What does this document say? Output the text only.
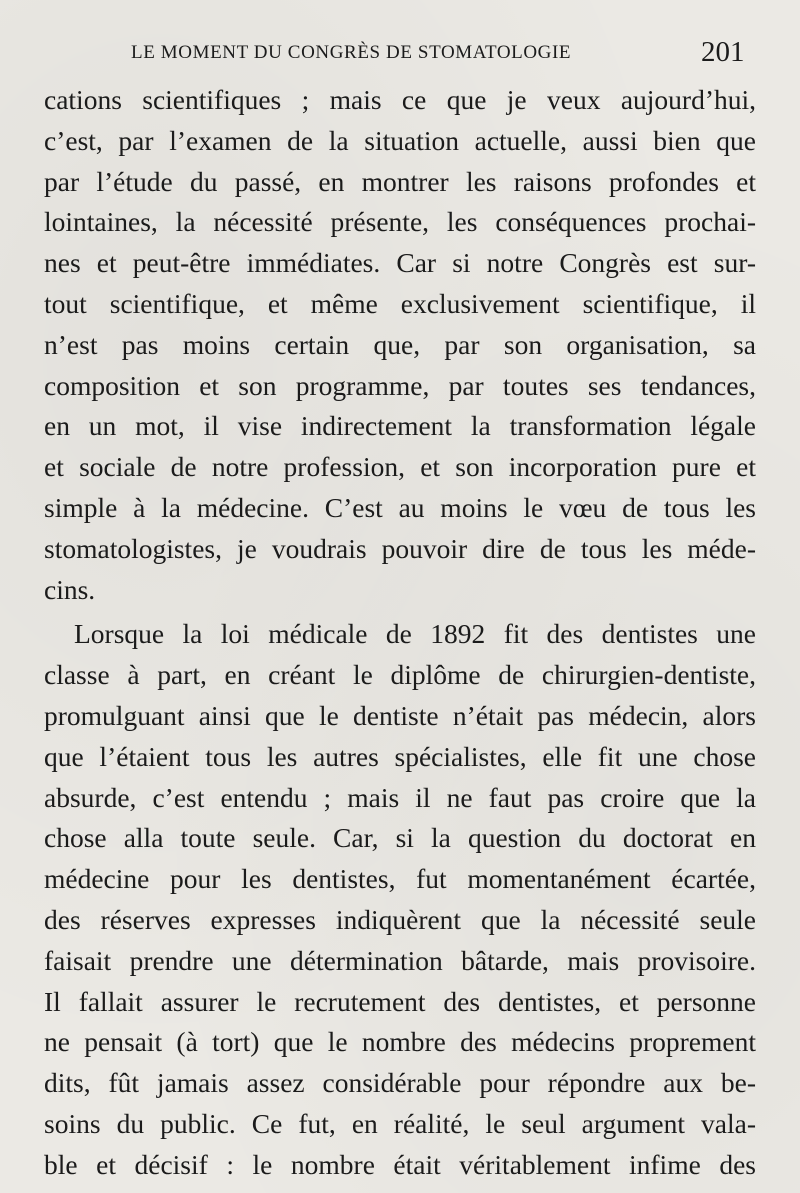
LE MOMENT DU CONGRÈS DE STOMATOLOGIE	201
cations scientifiques ; mais ce que je veux aujourd’hui,
c’est, par l’examen de la situation actuelle, aussi bien que
par l’étude du passé, en montrer les raisons profondes et
lointaines, la nécessité présente, les conséquences prochai-
nes et peut-être immédiates. Car si notre Congrès est sur-
tout scientifique, et même exclusivement scientifique, il
n’est pas moins certain que, par son organisation, sa
composition et son programme, par toutes ses tendances,
en un mot, il vise indirectement la transformation légale
et sociale de notre profession, et son incorporation pure et
simple à la médecine. C’est au moins le vœu de tous les
stomatologistes, je voudrais pouvoir dire de tous les méde-
cins.
Lorsque la loi médicale de 1892 fit des dentistes une
classe à part, en créant le diplôme de chirurgien-dentiste,
promulguant ainsi que le dentiste n’était pas médecin, alors
que l’étaient tous les autres spécialistes, elle fit une chose
absurde, c’est entendu ; mais il ne faut pas croire que la
chose alla toute seule. Car, si la question du doctorat en
médecine pour les dentistes, fut momentanément écartée,
des réserves expresses indiquèrent que la nécessité seule
faisait prendre une détermination bâtarde, mais provisoire.
Il fallait assurer le recrutement des dentistes, et personne
ne pensait (à tort) que le nombre des médecins proprement
dits, fût jamais assez considérable pour répondre aux be-
soins du public. Ce fut, en réalité, le seul argument vala-
ble et décisif : le nombre était véritablement infime des
